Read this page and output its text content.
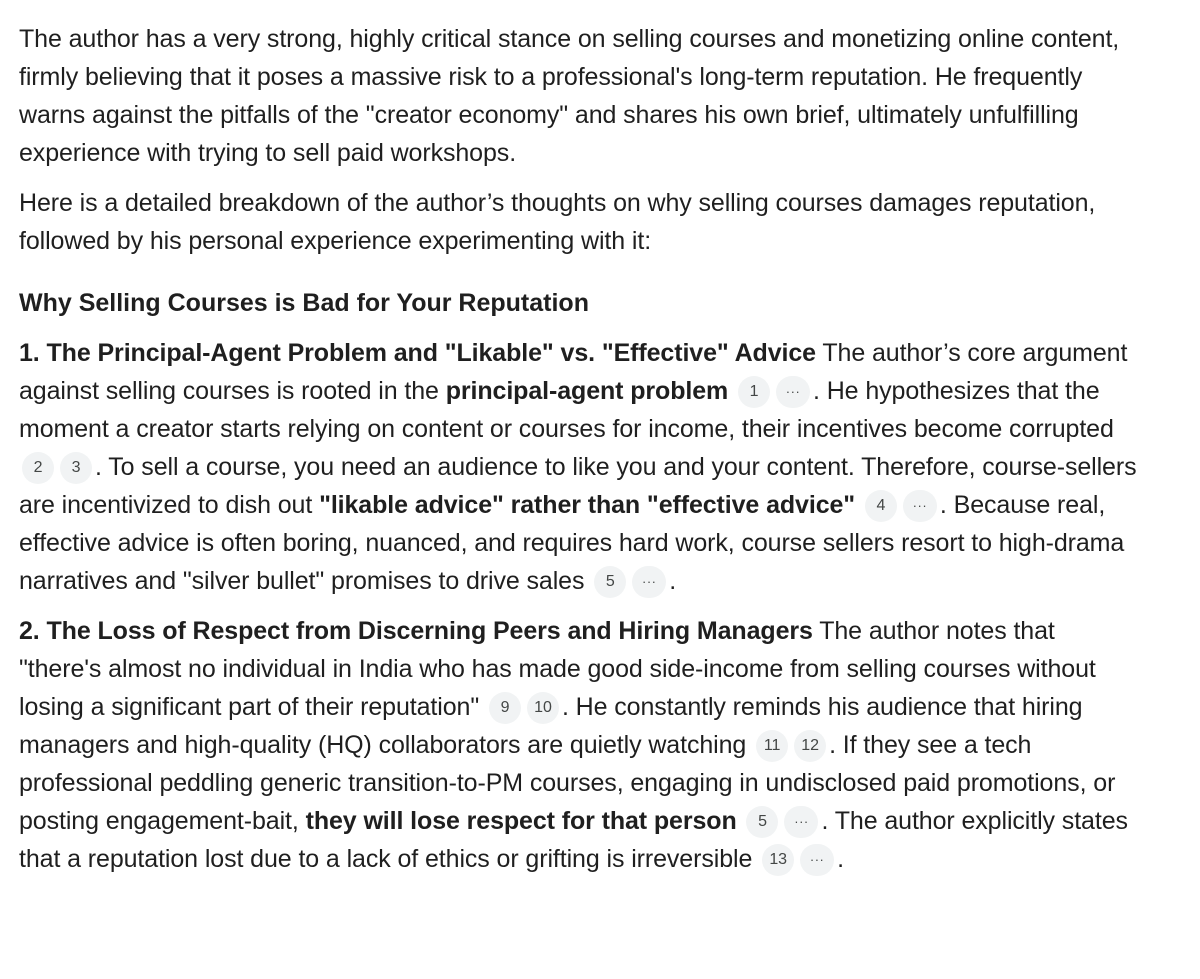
The author has a very strong, highly critical stance on selling courses and monetizing online content, firmly believing that it poses a massive risk to a professional's long-term reputation. He frequently warns against the pitfalls of the "creator economy" and shares his own brief, ultimately unfulfilling experience with trying to sell paid workshops.

Here is a detailed breakdown of the author’s thoughts on why selling courses damages reputation, followed by his personal experience experimenting with it:

Why Selling Courses is Bad for Your Reputation

1. The Principal-Agent Problem and "Likable" vs. "Effective" Advice The author’s core argument against selling courses is rooted in the principal-agent problem 1 ··· . He hypothesizes that the moment a creator starts relying on content or courses for income, their incentives become corrupted 2 3 . To sell a course, you need an audience to like you and your content. Therefore, course-sellers are incentivized to dish out "likable advice" rather than "effective advice" 4 ··· . Because real, effective advice is often boring, nuanced, and requires hard work, course sellers resort to high-drama narratives and "silver bullet" promises to drive sales 5 ··· .

2. The Loss of Respect from Discerning Peers and Hiring Managers The author notes that "there's almost no individual in India who has made good side-income from selling courses without losing a significant part of their reputation" 9 10 . He constantly reminds his audience that hiring managers and high-quality (HQ) collaborators are quietly watching 11 12 . If they see a tech professional peddling generic transition-to-PM courses, engaging in undisclosed paid promotions, or posting engagement-bait, they will lose respect for that person 5 ··· . The author explicitly states that a reputation lost due to a lack of ethics or grifting is irreversible 13 ··· .
